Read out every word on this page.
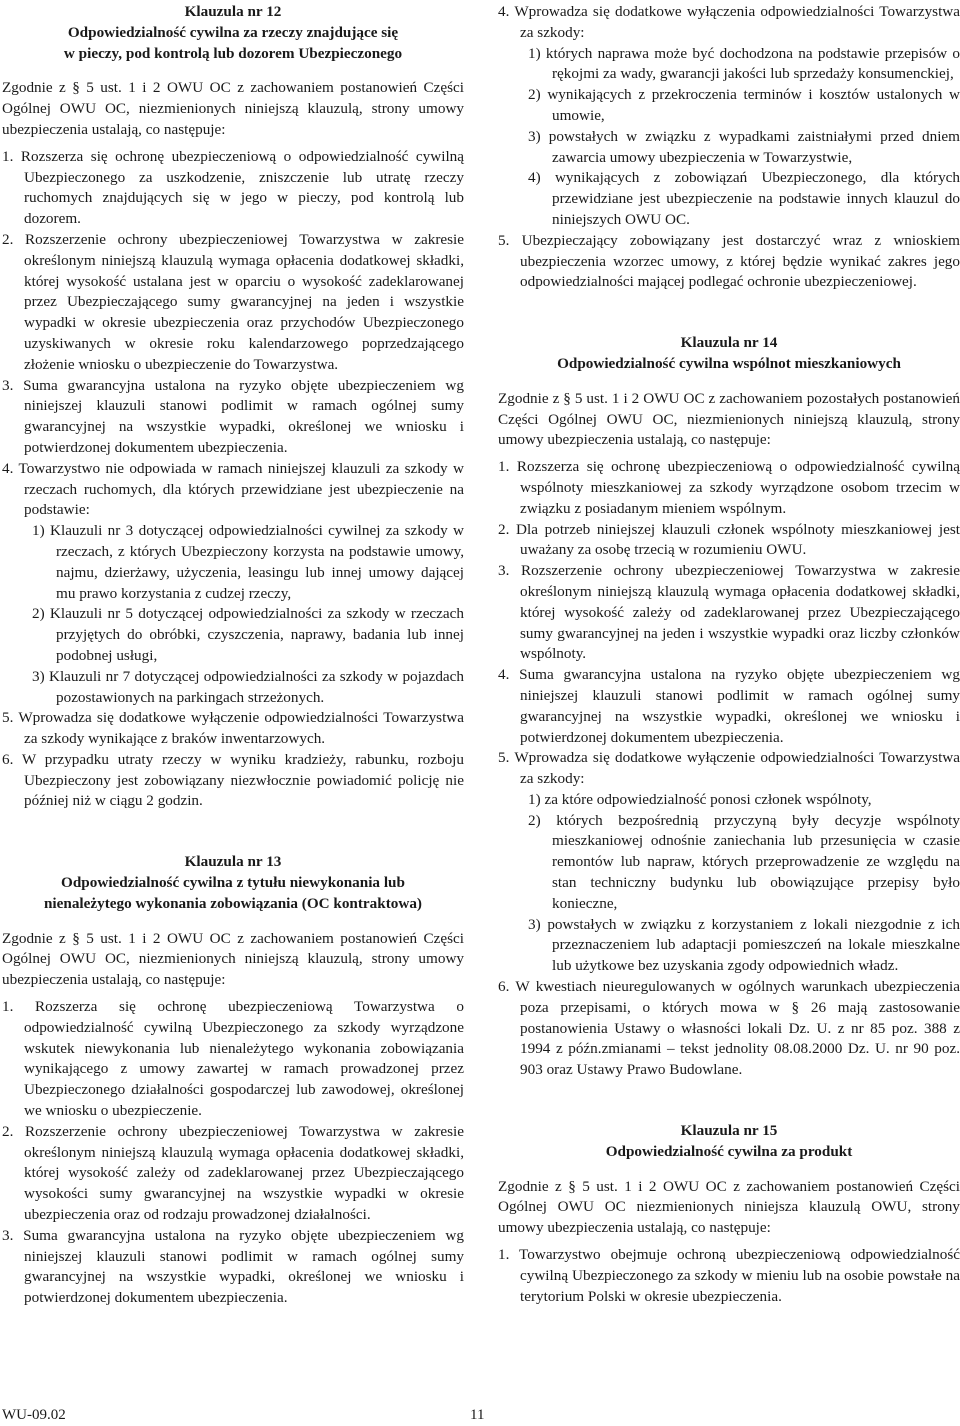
Klauzula nr 12
Odpowiedzialność cywilna za rzeczy znajdujące się
w pieczy, pod kontrolą lub dozorem Ubezpieczonego

Zgodnie z § 5 ust. 1 i 2 OWU OC z zachowaniem postanowień Części Ogólnej OWU OC, niezmienionych niniejszą klauzulą, strony umowy ubezpieczenia ustalają, co następuje:

1. Rozszerza się ochronę ubezpieczeniową o odpowiedzialność cywilną Ubezpieczonego za uszkodzenie, zniszczenie lub utratę rzeczy ruchomych znajdujących się w jego w pieczy, pod kontrolą lub dozorem.

2. Rozszerzenie ochrony ubezpieczeniowej Towarzystwa w zakresie określonym niniejszą klauzulą wymaga opłacenia dodatkowej składki, której wysokość ustalana jest w oparciu o wysokość zadeklarowanej przez Ubezpieczającego sumy gwarancyjnej na jeden i wszystkie wypadki w okresie ubezpieczenia oraz przychodów Ubezpieczonego uzyskiwanych w okresie roku kalendarzowego poprzedzającego złożenie wniosku o ubezpieczenie do Towarzystwa.

3. Suma gwarancyjna ustalona na ryzyko objęte ubezpieczeniem wg niniejszej klauzuli stanowi podlimit w ramach ogólnej sumy gwarancyjnej na wszystkie wypadki, określonej we wniosku i potwierdzonej dokumentem ubezpieczenia.

4. Towarzystwo nie odpowiada w ramach niniejszej klauzuli za szkody w rzeczach ruchomych, dla których przewidziane jest ubezpieczenie na podstawie:

1) Klauzuli nr 3 dotyczącej odpowiedzialności cywilnej za szkody w rzeczach, z których Ubezpieczony korzysta na podstawie umowy, najmu, dzierżawy, użyczenia, leasingu lub innej umowy dającej mu prawo korzystania z cudzej rzeczy,

2) Klauzuli nr 5 dotyczącej odpowiedzialności za szkody w rzeczach przyjętych do obróbki, czyszczenia, naprawy, badania lub innej podobnej usługi,

3) Klauzuli nr 7 dotyczącej odpowiedzialności za szkody w pojazdach pozostawionych na parkingach strzeżonych.

5. Wprowadza się dodatkowe wyłączenie odpowiedzialności Towarzystwa za szkody wynikające z braków inwentarzowych.

6. W przypadku utraty rzeczy w wyniku kradzieży, rabunku, rozboju Ubezpieczony jest zobowiązany niezwłocznie powiadomić policję nie później niż w ciągu 2 godzin.

Klauzula nr 13
Odpowiedzialność cywilna z tytułu niewykonania lub
nienależytego wykonania zobowiązania (OC kontraktowa)

Zgodnie z § 5 ust. 1 i 2 OWU OC z zachowaniem postanowień Części Ogólnej OWU OC, niezmienionych niniejszą klauzulą, strony umowy ubezpieczenia ustalają, co następuje:

1. Rozszerza się ochronę ubezpieczeniową Towarzystwa o odpowiedzialność cywilną Ubezpieczonego za szkody wyrządzone wskutek niewykonania lub nienależytego wykonania zobowiązania wynikającego z umowy zawartej w ramach prowadzonej przez Ubezpieczonego działalności gospodarczej lub zawodowej, określonej we wniosku o ubezpieczenie.

2. Rozszerzenie ochrony ubezpieczeniowej Towarzystwa w zakresie określonym niniejszą klauzulą wymaga opłacenia dodatkowej składki, której wysokość zależy od zadeklarowanej przez Ubezpieczającego wysokości sumy gwarancyjnej na wszystkie wypadki w okresie ubezpieczenia oraz od rodzaju prowadzonej działalności.

3. Suma gwarancyjna ustalona na ryzyko objęte ubezpieczeniem wg niniejszej klauzuli stanowi podlimit w ramach ogólnej sumy gwarancyjnej na wszystkie wypadki, określonej we wniosku i potwierdzonej dokumentem ubezpieczenia.

4. Wprowadza się dodatkowe wyłączenia odpowiedzialności Towarzystwa za szkody:

1) których naprawa może być dochodzona na podstawie przepisów o rękojmi za wady, gwarancji jakości lub sprzedaży konsumenckiej,

2) wynikających z przekroczenia terminów i kosztów ustalonych w umowie,

3) powstałych w związku z wypadkami zaistniałymi przed dniem zawarcia umowy ubezpieczenia w Towarzystwie,

4) wynikających z zobowiązań Ubezpieczonego, dla których przewidziane jest ubezpieczenie na podstawie innych klauzul do niniejszych OWU OC.

5. Ubezpieczający zobowiązany jest dostarczyć wraz z wnioskiem ubezpieczenia wzorzec umowy, z której będzie wynikać zakres jego odpowiedzialności mającej podlegać ochronie ubezpieczeniowej.

Klauzula nr 14
Odpowiedzialność cywilna wspólnot mieszkaniowych

Zgodnie z § 5 ust. 1 i 2 OWU OC z zachowaniem pozostałych postanowień Części Ogólnej OWU OC, niezmienionych niniejszą klauzulą, strony umowy ubezpieczenia ustalają, co następuje:

1. Rozszerza się ochronę ubezpieczeniową o odpowiedzialność cywilną wspólnoty mieszkaniowej za szkody wyrządzone osobom trzecim w związku z posiadanym mieniem wspólnym.

2. Dla potrzeb niniejszej klauzuli członek wspólnoty mieszkaniowej jest uważany za osobę trzecią w rozumieniu OWU.

3. Rozszerzenie ochrony ubezpieczeniowej Towarzystwa w zakresie określonym niniejszą klauzulą wymaga opłacenia dodatkowej składki, której wysokość zależy od zadeklarowanej przez Ubezpieczającego sumy gwarancyjnej na jeden i wszystkie wypadki oraz liczby członków wspólnoty.

4. Suma gwarancyjna ustalona na ryzyko objęte ubezpieczeniem wg niniejszej klauzuli stanowi podlimit w ramach ogólnej sumy gwarancyjnej na wszystkie wypadki, określonej we wniosku i potwierdzonej dokumentem ubezpieczenia.

5. Wprowadza się dodatkowe wyłączenie odpowiedzialności Towarzystwa za szkody:

1) za które odpowiedzialność ponosi członek wspólnoty,

2) których bezpośrednią przyczyną były decyzje wspólnoty mieszkaniowej odnośnie zaniechania lub przesunięcia w czasie remontów lub napraw, których przeprowadzenie ze względu na stan techniczny budynku lub obowiązujące przepisy było konieczne,

3) powstałych w związku z korzystaniem z lokali niezgodnie z ich przeznaczeniem lub adaptacji pomieszczeń na lokale mieszkalne lub użytkowe bez uzyskania zgody odpowiednich władz.

6. W kwestiach nieuregulowanych w ogólnych warunkach ubezpieczenia poza przepisami, o których mowa w § 26 mają zastosowanie postanowienia Ustawy o własności lokali Dz. U. z nr 85 poz. 388 z 1994 z późn.zmianami – tekst jednolity 08.08.2000 Dz. U. nr 90 poz. 903 oraz Ustawy Prawo Budowlane.

Klauzula nr 15
Odpowiedzialność cywilna za produkt

Zgodnie z § 5 ust. 1 i 2 OWU OC z zachowaniem postanowień Części Ogólnej OWU OC niezmienionych niniejsza klauzulą OWU, strony umowy ubezpieczenia ustalają, co następuje:

1. Towarzystwo obejmuje ochroną ubezpieczeniową odpowiedzialność cywilną Ubezpieczonego za szkody w mieniu lub na osobie powstałe na terytorium Polski w okresie ubezpieczenia.

WU-09.02	11
